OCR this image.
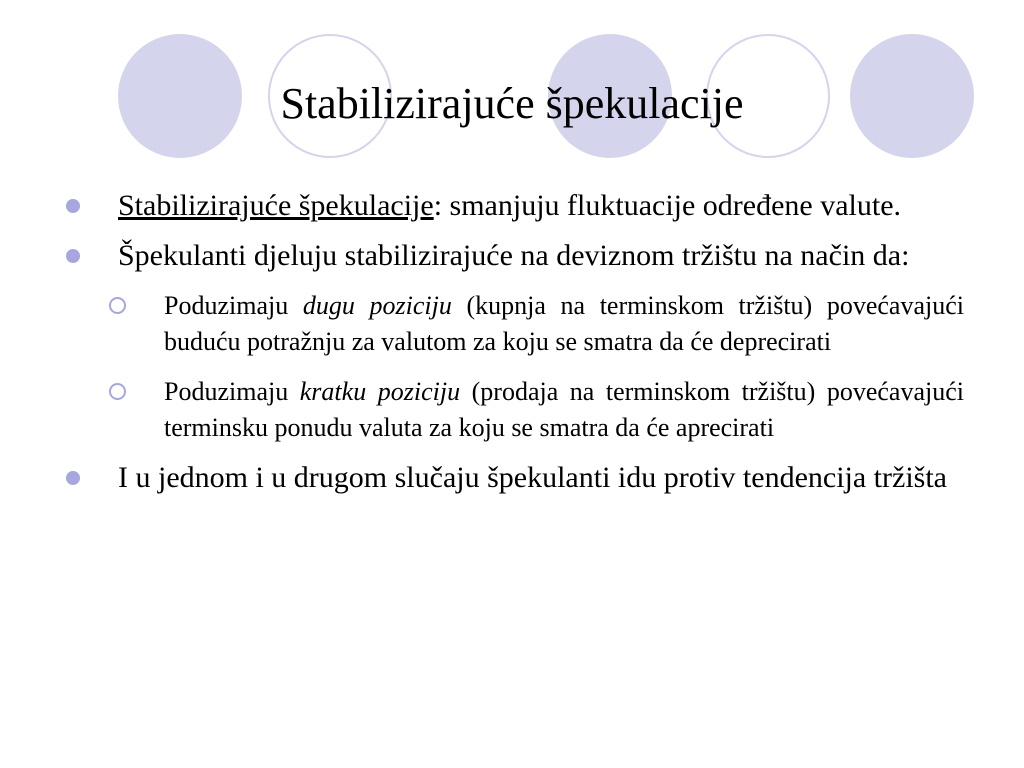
Stabilizirajuće špekulacije
Stabilizirajuće špekulacije: smanjuju fluktuacije određene valute.
Špekulanti djeluju stabilizirajuće na deviznom tržištu na način da:
Poduzimaju dugu poziciju (kupnja na terminskom tržištu) povećavajući buduću potražnju za valutom za koju se smatra da će deprecirati
Poduzimaju kratku poziciju (prodaja na terminskom tržištu) povećavajući terminsku ponudu valuta za koju se smatra da će aprecirati
I u jednom i u drugom slučaju špekulanti idu protiv tendencija tržišta
